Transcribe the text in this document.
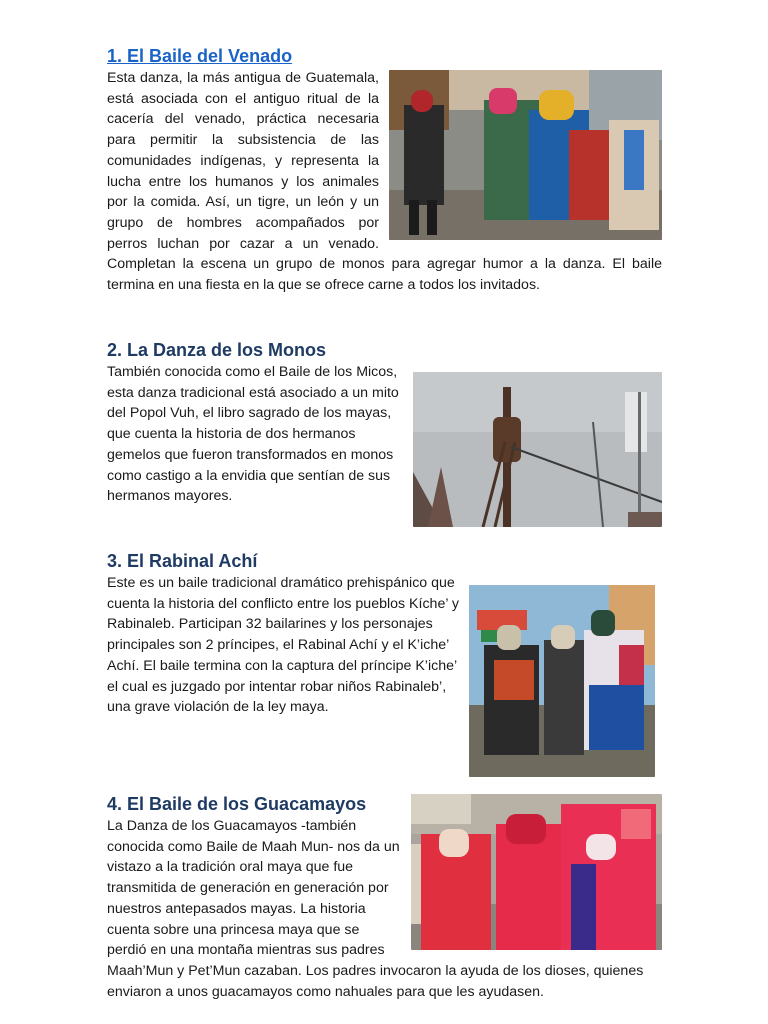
1. El Baile del Venado

Esta danza, la más antigua de Guatemala, está asociada con el antiguo ritual de la cacería del venado, práctica necesaria para permitir la subsistencia de las comunidades indígenas, y representa la lucha entre los humanos y los animales por la comida. Así, un tigre, un león y un grupo de hombres acompañados por perros luchan por cazar a un venado. Completan la escena un grupo de monos para agregar humor a la danza. El baile termina en una fiesta en la que se ofrece carne a todos los invitados.

2. La Danza de los Monos

También conocida como el Baile de los Micos, esta danza tradicional está asociado a un mito del Popol Vuh, el libro sagrado de los mayas, que cuenta la historia de dos hermanos gemelos que fueron transformados en monos como castigo a la envidia que sentían de sus hermanos mayores.

3. El Rabinal Achí

Este es un baile tradicional dramático prehispánico que cuenta la historia del conflicto entre los pueblos Kíche’ y Rabinaleb. Participan 32 bailarines y los personajes principales son 2 príncipes, el Rabinal Achí y el K’iche’ Achí. El baile termina con la captura del príncipe K’iche’ el cual es juzgado por intentar robar niños Rabinaleb’, una grave violación de la ley maya.

4. El Baile de los Guacamayos

La Danza de los Guacamayos -también conocida como Baile de Maah Mun- nos da un vistazo a la tradición oral maya que fue transmitida de generación en generación por nuestros antepasados mayas. La historia cuenta sobre una princesa maya que se perdió en una montaña mientras sus padres Maah’Mun y Pet’Mun cazaban. Los padres invocaron la ayuda de los dioses, quienes enviaron a unos guacamayos como nahuales para que les ayudasen.
